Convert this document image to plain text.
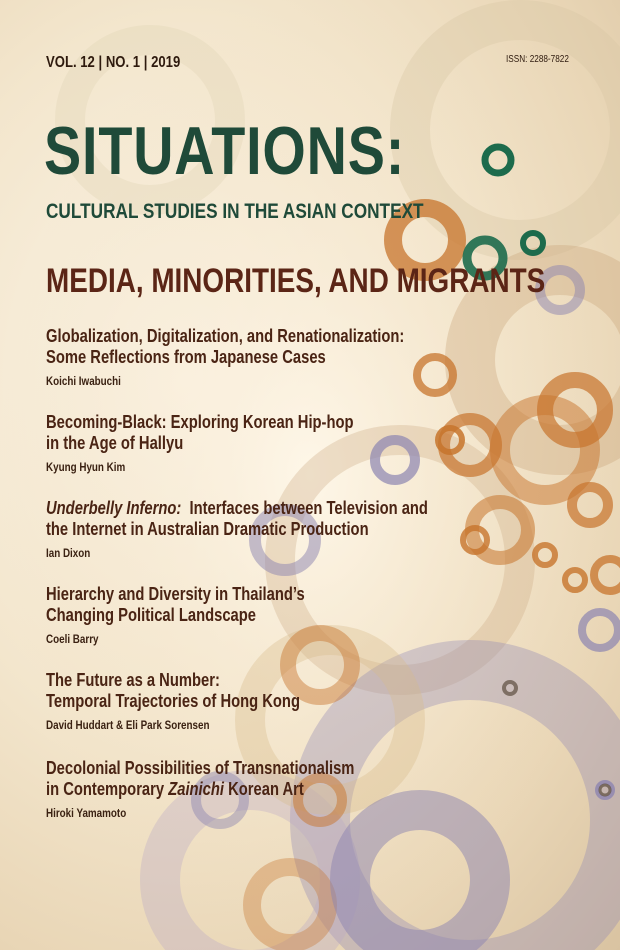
VOL. 12 | NO. 1 | 2019	ISSN: 2288-7822
SITUATIONS:
CULTURAL STUDIES IN THE ASIAN CONTEXT
MEDIA, MINORITIES, AND MIGRANTS
Globalization, Digitalization, and Renationalization:
Some Reflections from Japanese Cases
Koichi Iwabuchi
Becoming-Black: Exploring Korean Hip-hop
in the Age of Hallyu
Kyung Hyun Kim
Underbelly Inferno: Interfaces between Television and
the Internet in Australian Dramatic Production
Ian Dixon
Hierarchy and Diversity in Thailand’s
Changing Political Landscape
Coeli Barry
The Future as a Number:
Temporal Trajectories of Hong Kong
David Huddart & Eli Park Sorensen
Decolonial Possibilities of Transnationalism
in Contemporary Zainichi Korean Art
Hiroki Yamamoto
